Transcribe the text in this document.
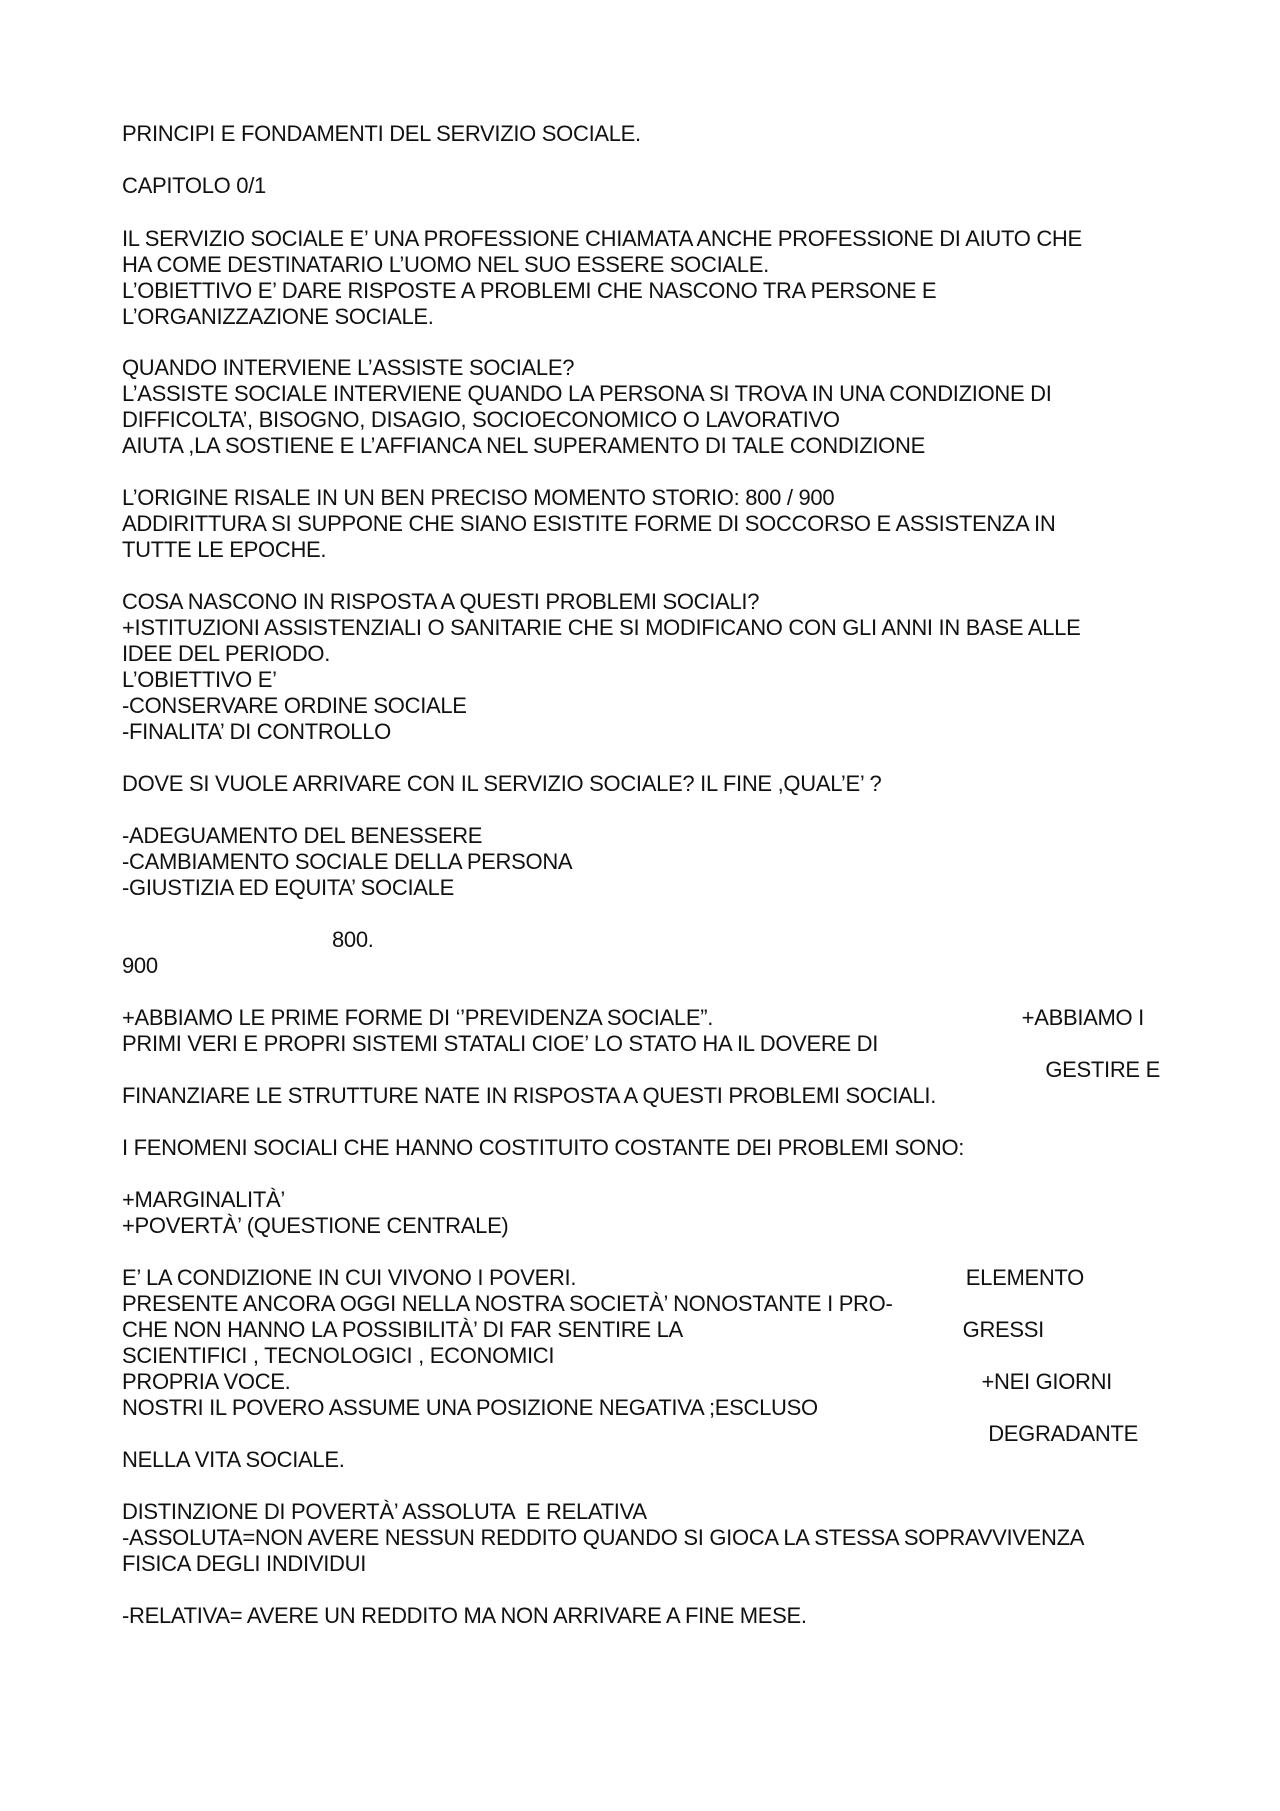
PRINCIPI E FONDAMENTI DEL SERVIZIO SOCIALE.
CAPITOLO 0/1
IL SERVIZIO SOCIALE E’ UNA PROFESSIONE CHIAMATA ANCHE PROFESSIONE DI AIUTO CHE
HA COME DESTINATARIO L’UOMO NEL SUO ESSERE SOCIALE.
L’OBIETTIVO E’ DARE RISPOSTE A PROBLEMI CHE NASCONO TRA PERSONE E
L’ORGANIZZAZIONE SOCIALE.
QUANDO INTERVIENE L’ASSISTE SOCIALE?
L’ASSISTE SOCIALE INTERVIENE QUANDO LA PERSONA SI TROVA IN UNA CONDIZIONE DI
DIFFICOLTA’, BISOGNO, DISAGIO, SOCIOECONOMICO O LAVORATIVO
AIUTA ,LA SOSTIENE E L’AFFIANCA NEL SUPERAMENTO DI TALE CONDIZIONE
L’ORIGINE RISALE IN UN BEN PRECISO MOMENTO STORIO: 800 / 900
ADDIRITTURA SI SUPPONE CHE SIANO ESISTITE FORME DI SOCCORSO E ASSISTENZA IN
TUTTE LE EPOCHE.
COSA NASCONO IN RISPOSTA A QUESTI PROBLEMI SOCIALI?
+ISTITUZIONI ASSISTENZIALI O SANITARIE CHE SI MODIFICANO CON GLI ANNI IN BASE ALLE
IDEE DEL PERIODO.
L’OBIETTIVO E’
-CONSERVARE ORDINE SOCIALE
-FINALITA’ DI CONTROLLO
DOVE SI VUOLE ARRIVARE CON IL SERVIZIO SOCIALE? IL FINE ,QUAL’E’ ?
-ADEGUAMENTO DEL BENESSERE
-CAMBIAMENTO SOCIALE DELLA PERSONA
-GIUSTIZIA ED EQUITA’ SOCIALE
800.
900
+ABBIAMO LE PRIME FORME DI ‘’PREVIDENZA SOCIALE”.	+ABBIAMO I
PRIMI VERI E PROPRI SISTEMI STATALI CIOE’ LO STATO HA IL DOVERE DI
GESTIRE E
FINANZIARE LE STRUTTURE NATE IN RISPOSTA A QUESTI PROBLEMI SOCIALI.
I FENOMENI SOCIALI CHE HANNO COSTITUITO COSTANTE DEI PROBLEMI SONO:
+MARGINALITÀ’
+POVERTÀ’ (QUESTIONE CENTRALE)
E’ LA CONDIZIONE IN CUI VIVONO I POVERI.	ELEMENTO
PRESENTE ANCORA OGGI NELLA NOSTRA SOCIETÀ’ NONOSTANTE I PRO-
CHE NON HANNO LA POSSIBILITÀ’ DI FAR SENTIRE LA	GRESSI
SCIENTIFICI , TECNOLOGICI , ECONOMICI
PROPRIA VOCE.	+NEI GIORNI
NOSTRI IL POVERO ASSUME UNA POSIZIONE NEGATIVA ;ESCLUSO
DEGRADANTE
NELLA VITA SOCIALE.
DISTINZIONE DI POVERTÀ’ ASSOLUTA  E RELATIVA
-ASSOLUTA=NON AVERE NESSUN REDDITO QUANDO SI GIOCA LA STESSA SOPRAVVIVENZA
FISICA DEGLI INDIVIDUI
-RELATIVA= AVERE UN REDDITO MA NON ARRIVARE A FINE MESE.
